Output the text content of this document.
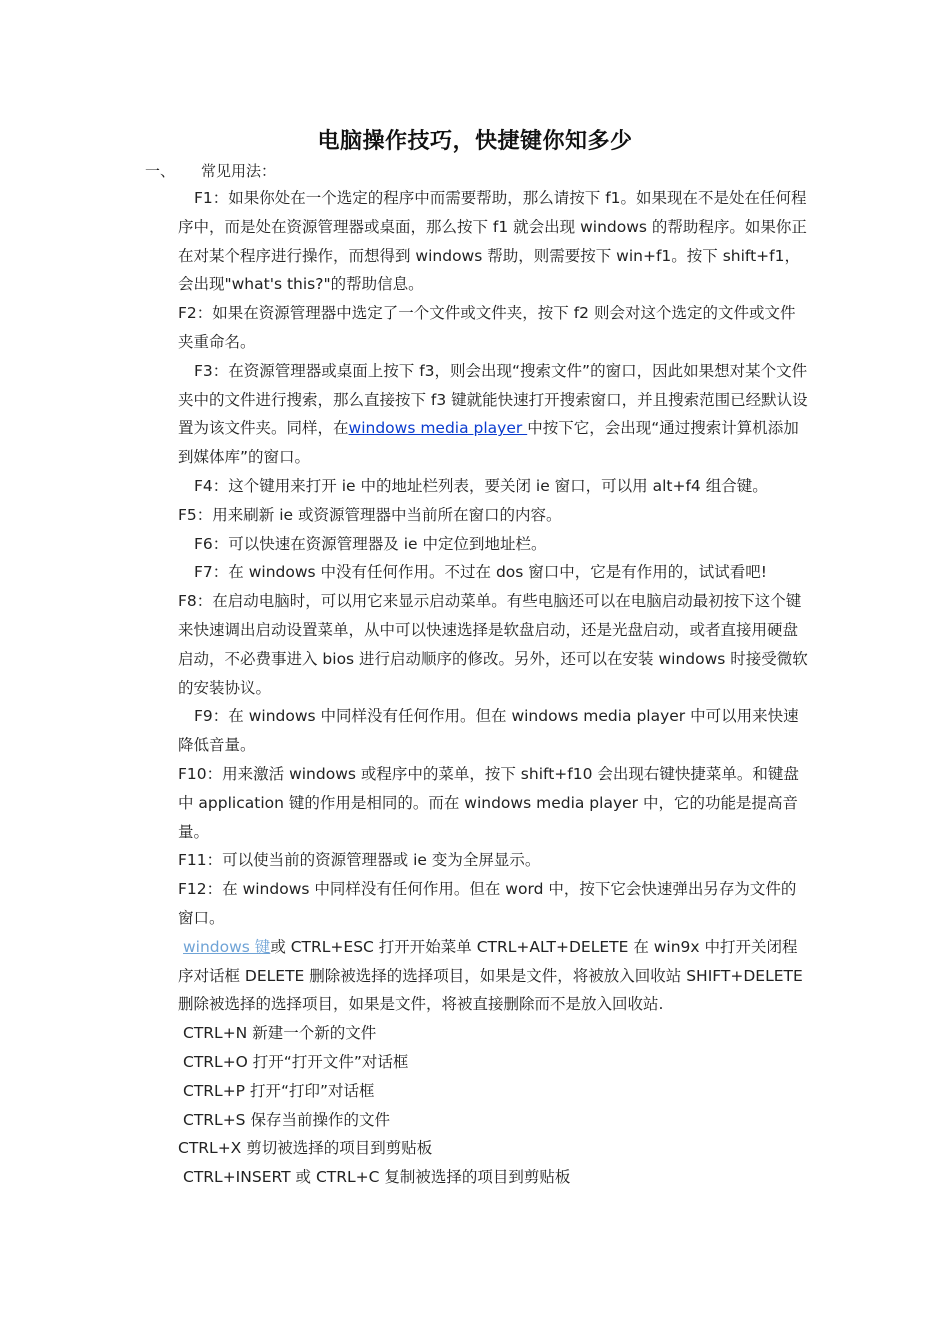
电脑操作技巧，快捷键你知多少
一、 常见用法：

F1：如果你处在一个选定的程序中而需要帮助，那么请按下 f1。如果现在不是处在任何程序中，而是处在资源管理器或桌面，那么按下 f1 就会出现 windows 的帮助程序。如果你正在对某个程序进行操作，而想得到 windows 帮助，则需要按下 win+f1。按下 shift+f1，会出现"what's this?"的帮助信息。

F2：如果在资源管理器中选定了一个文件或文件夹，按下 f2 则会对这个选定的文件或文件夹重命名。

F3：在资源管理器或桌面上按下 f3，则会出现“搜索文件”的窗口，因此如果想对某个文件夹中的文件进行搜索，那么直接按下 f3 键就能快速打开搜索窗口，并且搜索范围已经默认设置为该文件夹。同样，在windows media player 中按下它，会出现“通过搜索计算机添加到媒体库”的窗口。

F4：这个键用来打开 ie 中的地址栏列表，要关闭 ie 窗口，可以用 alt+f4 组合键。

F5：用来刷新 ie 或资源管理器中当前所在窗口的内容。

F6：可以快速在资源管理器及 ie 中定位到地址栏。

F7：在 windows 中没有任何作用。不过在 dos 窗口中，它是有作用的，试试看吧!

F8：在启动电脑时，可以用它来显示启动菜单。有些电脑还可以在电脑启动最初按下这个键来快速调出启动设置菜单，从中可以快速选择是软盘启动，还是光盘启动，或者直接用硬盘启动，不必费事进入 bios 进行启动顺序的修改。另外，还可以在安装 windows 时接受微软的安装协议。

F9：在 windows 中同样没有任何作用。但在 windows media player 中可以用来快速降低音量。

F10：用来激活 windows 或程序中的菜单，按下 shift+f10 会出现右键快捷菜单。和键盘中 application 键的作用是相同的。而在 windows media player 中，它的功能是提高音量。

F11：可以使当前的资源管理器或 ie 变为全屏显示。

F12：在 windows 中同样没有任何作用。但在 word 中，按下它会快速弹出另存为文件的窗口。

windows 键或 CTRL+ESC 打开开始菜单 CTRL+ALT+DELETE 在 win9x 中打开关闭程序对话框 DELETE 删除被选择的选择项目，如果是文件，将被放入回收站 SHIFT+DELETE 删除被选择的选择项目，如果是文件，将被直接删除而不是放入回收站.

CTRL+N 新建一个新的文件

CTRL+O 打开“打开文件”对话框

CTRL+P 打开“打印”对话框

CTRL+S 保存当前操作的文件

CTRL+X 剪切被选择的项目到剪贴板

CTRL+INSERT 或 CTRL+C 复制被选择的项目到剪贴板
